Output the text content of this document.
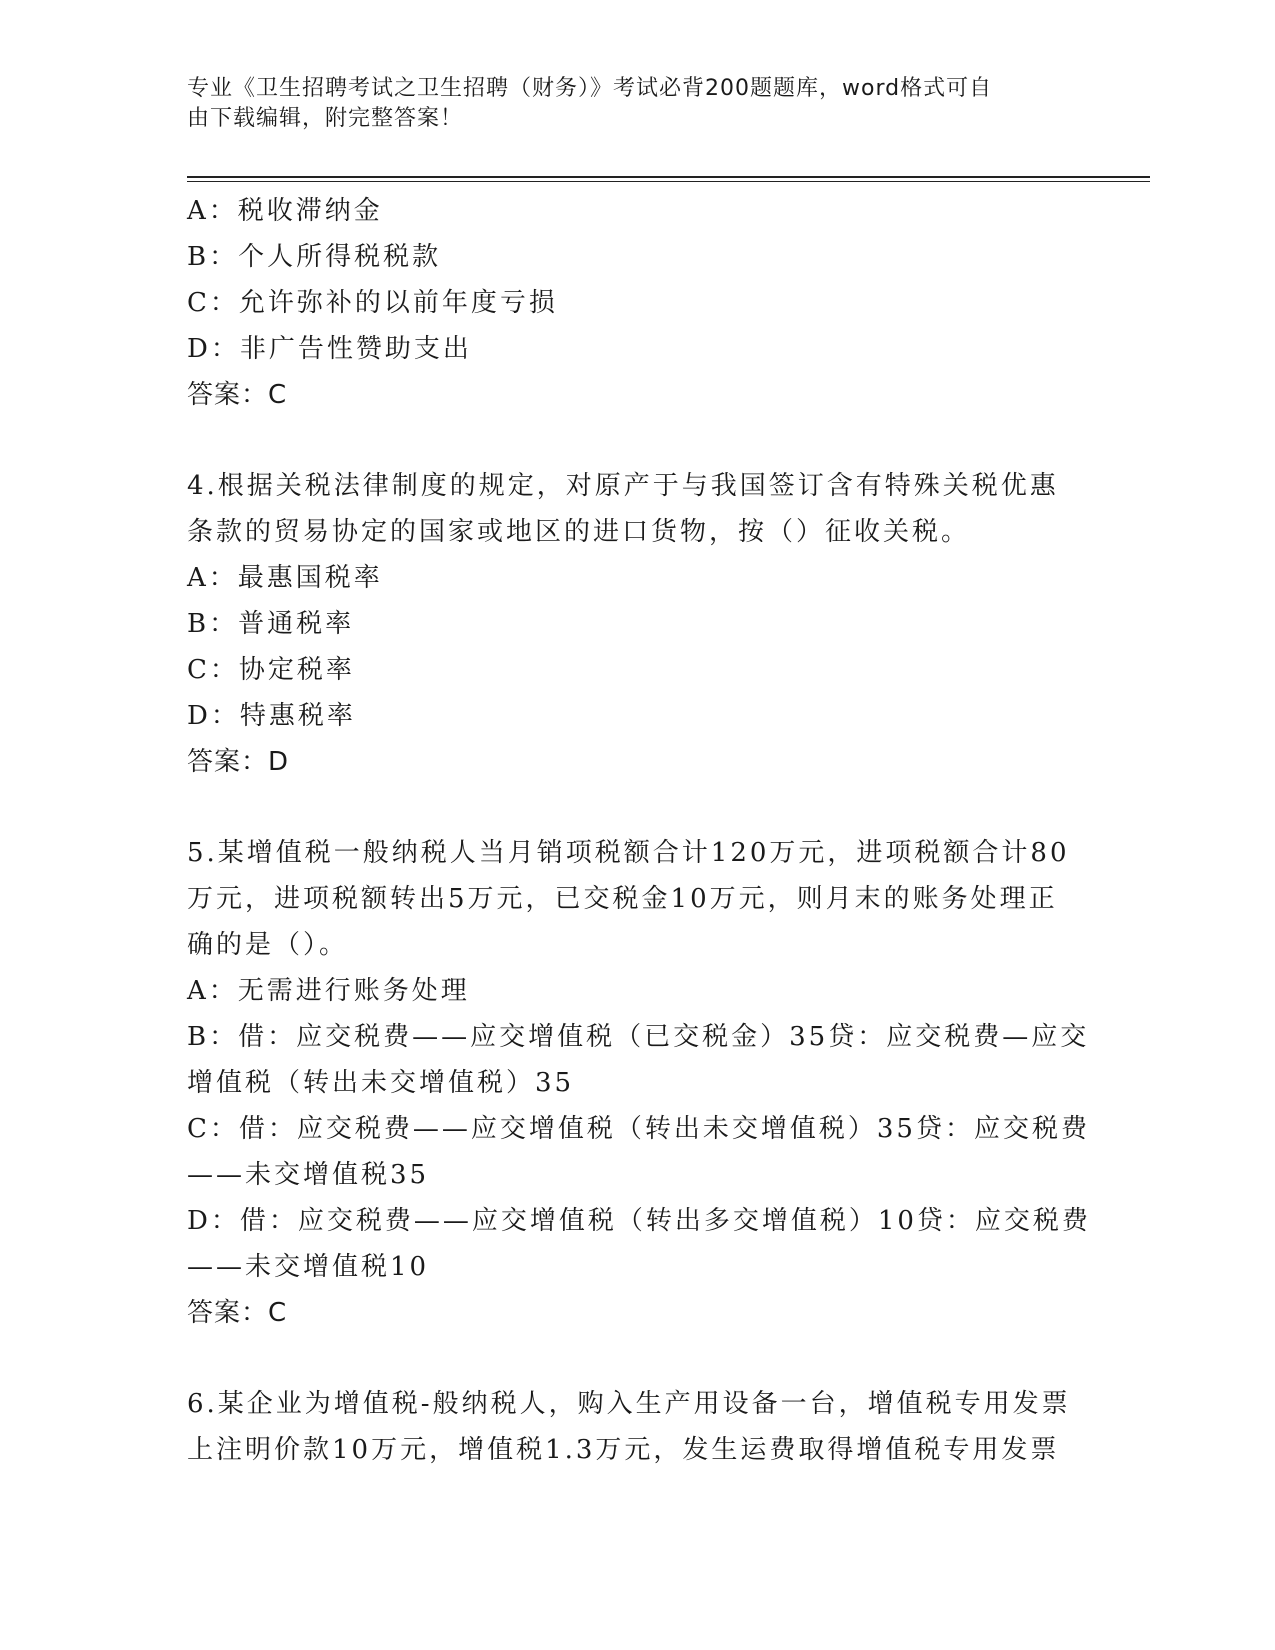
专业《卫生招聘考试之卫生招聘（财务）》考试必背200题题库，word格式可自
由下载编辑，附完整答案！
A：税收滞纳金
B：个人所得税税款
C：允许弥补的以前年度亏损
D：非广告性赞助支出
答案：C
4.根据关税法律制度的规定，对原产于与我国签订含有特殊关税优惠
条款的贸易协定的国家或地区的进口货物，按（）征收关税。
A：最惠国税率
B：普通税率
C：协定税率
D：特惠税率
答案：D
5.某增值税一般纳税人当月销项税额合计120万元，进项税额合计80
万元，进项税额转出5万元，已交税金10万元，则月末的账务处理正
确的是（）。
A：无需进行账务处理
B：借：应交税费——应交增值税（已交税金）35贷：应交税费—应交
增值税（转出未交增值税）35
C：借：应交税费——应交增值税（转出未交增值税）35贷：应交税费
——未交增值税35
D：借：应交税费——应交增值税（转出多交增值税）10贷：应交税费
——未交增值税10
答案：C
6.某企业为增值税-般纳税人，购入生产用设备一台，增值税专用发票
上注明价款10万元，增值税1.3万元，发生运费取得增值税专用发票
